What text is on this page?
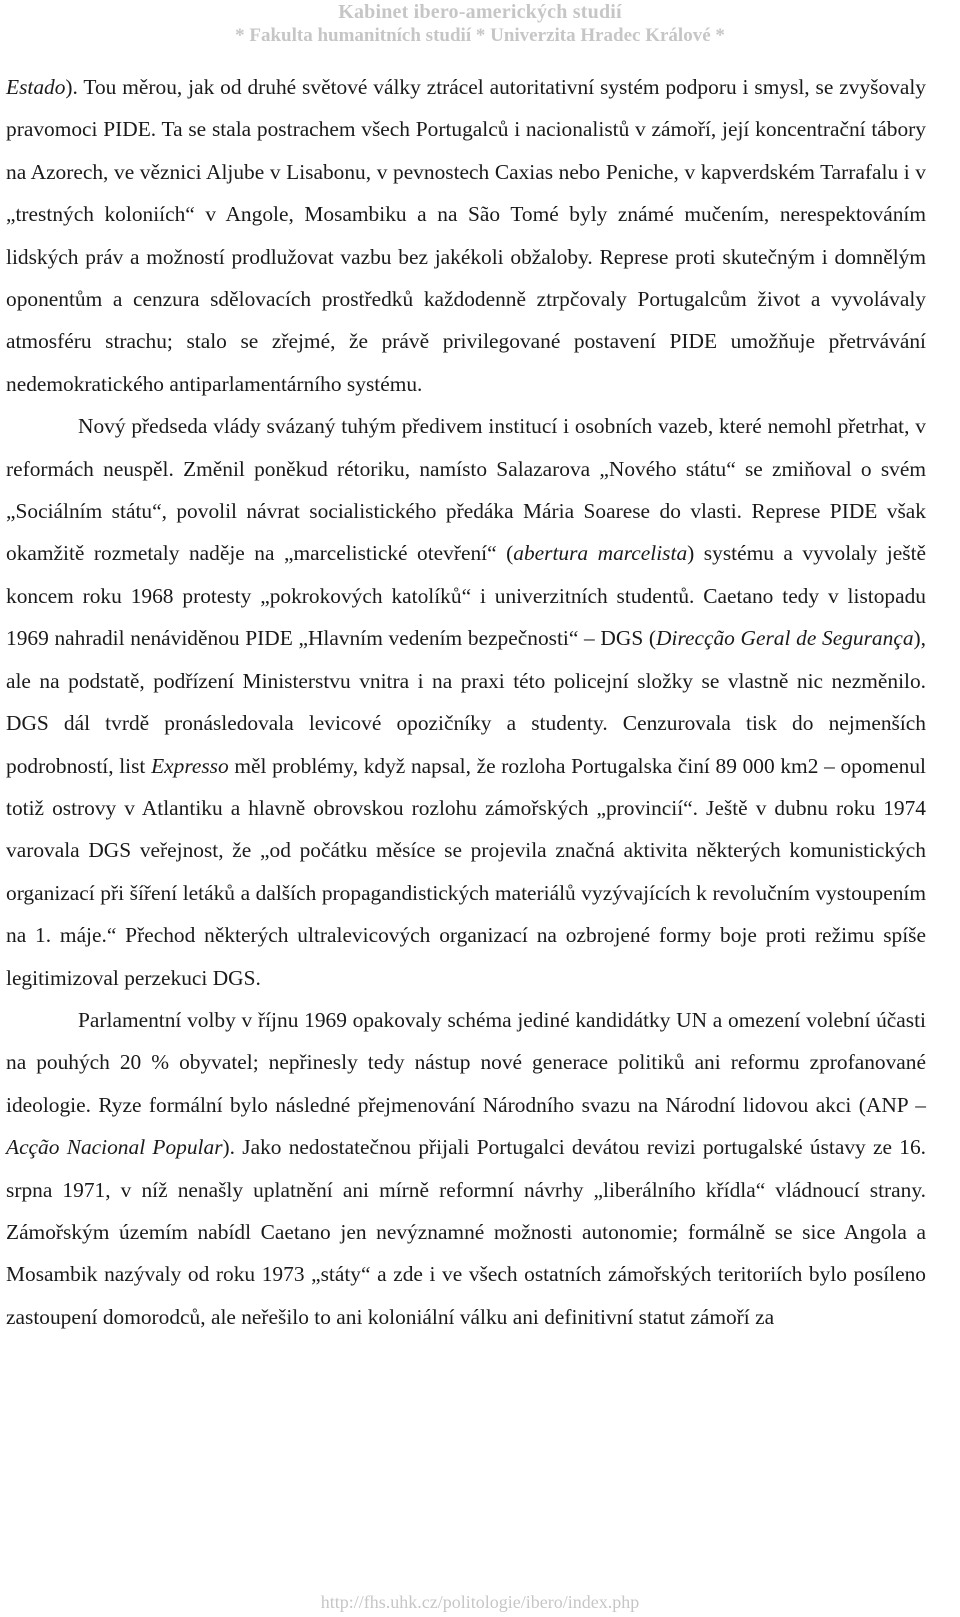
Kabinet ibero-amerických studií
* Fakulta humanitních studií * Univerzita Hradec Králové *

Estado). Tou měrou, jak od druhé světové války ztrácel autoritativní systém podporu i smysl, se zvyšovaly pravomoci PIDE. Ta se stala postrachem všech Portugalců i nacionalistů v zámoří, její koncentrační tábory na Azorech, ve věznici Aljube v Lisabonu, v pevnostech Caxias nebo Peniche, v kapverdském Tarrafalu i v „trestných koloniích“ v Angole, Mosambiku a na São Tomé byly známé mučením, nerespektováním lidských práv a možností prodlužovat vazbu bez jakékoli obžaloby. Represe proti skutečným i domnělým oponentům a cenzura sdělovacích prostředků každodenně ztrpčovaly Portugalcům život a vyvolávaly atmosféru strachu; stalo se zřejmé, že právě privilegované postavení PIDE umožňuje přetrvávání nedemokratického antiparlamentárního systému.

Nový předseda vlády svázaný tuhým předivem institucí i osobních vazeb, které nemohl přetrhat, v reformách neuspěl. Změnil poněkud rétoriku, namísto Salazarova „Nového státu“ se zmiňoval o svém „Sociálním státu“, povolil návrat socialistického předáka Mária Soarese do vlasti. Represe PIDE však okamžitě rozmetaly naděje na „marcelistické otevření“ (abertura marcelista) systému a vyvolaly ještě koncem roku 1968 protesty „pokrokových katolíků“ i univerzitních studentů. Caetano tedy v listopadu 1969 nahradil nenáviděnou PIDE „Hlavním vedením bezpečnosti“ – DGS (Direcção Geral de Segurança), ale na podstatě, podřízení Ministerstvu vnitra i na praxi této policejní složky se vlastně nic nezměnilo. DGS dál tvrdě pronásledovala levicové opozičníky a studenty. Cenzurovala tisk do nejmenších podrobností, list Expresso měl problémy, když napsal, že rozloha Portugalska činí 89 000 km2 – opomenul totiž ostrovy v Atlantiku a hlavně obrovskou rozlohu zámořských „provincií“. Ještě v dubnu roku 1974 varovala DGS veřejnost, že „od počátku měsíce se projevila značná aktivita některých komunistických organizací při šíření letáků a dalších propagandistických materiálů vyzývajících k revolučním vystoupením na 1. máje.“ Přechod některých ultralevicových organizací na ozbrojené formy boje proti režimu spíše legitimizoval perzekuci DGS.

Parlamentní volby v říjnu 1969 opakovaly schéma jediné kandidátky UN a omezení volební účasti na pouhých 20 % obyvatel; nepřinesly tedy nástup nové generace politiků ani reformu zprofanované ideologie. Ryze formální bylo následné přejmenování Národního svazu na Národní lidovou akci (ANP – Acção Nacional Popular). Jako nedostatečnou přijali Portugalci devátou revizi portugalské ústavy ze 16. srpna 1971, v níž nenašly uplatnění ani mírně reformní návrhy „liberálního křídla“ vládnoucí strany. Zámořským územím nabídl Caetano jen nevýznamné možnosti autonomie; formálně se sice Angola a Mosambik nazývaly od roku 1973 „státy“ a zde i ve všech ostatních zámořských teritoriích bylo posíleno zastoupení domorodců, ale neřešilo to ani koloniální válku ani definitivní statut zámoří za

http://fhs.uhk.cz/politologie/ibero/index.php
